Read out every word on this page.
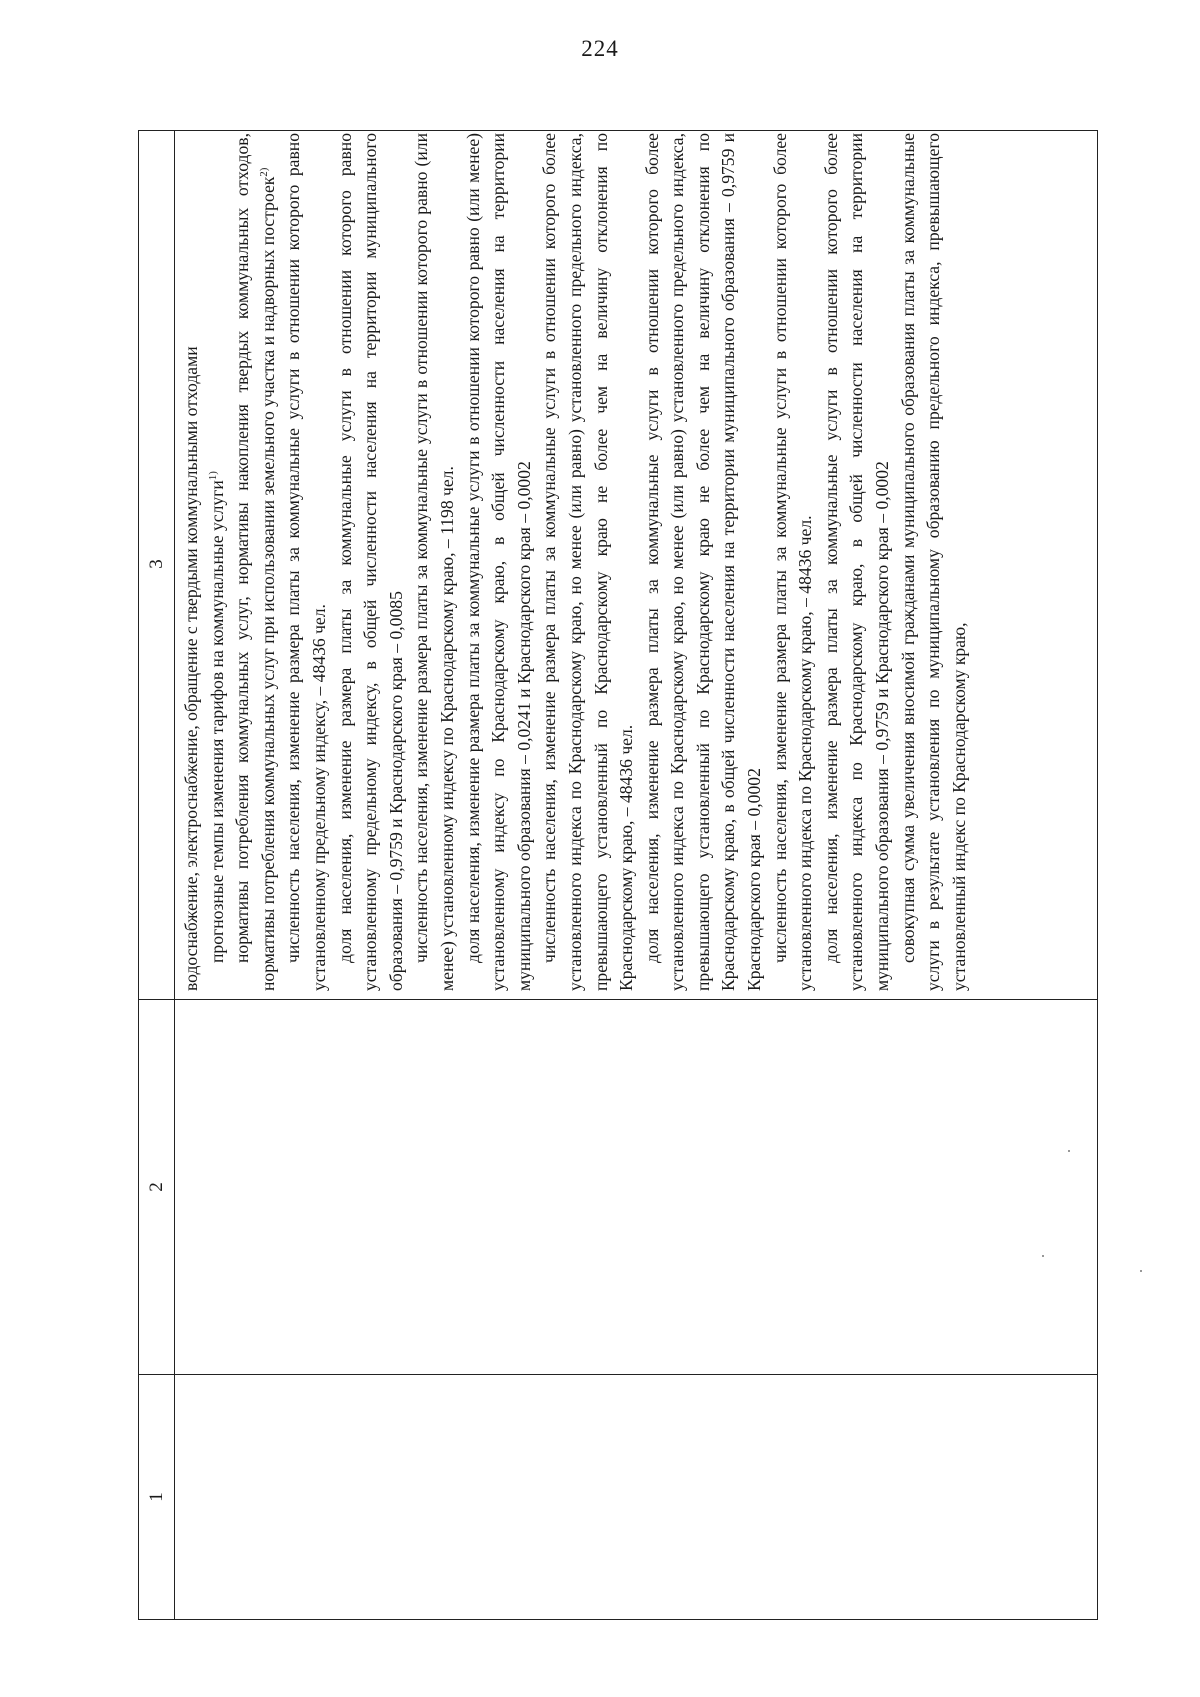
224
1
2
3 водоснабжение, электроснабжение, обращение с твердыми коммунальными отходами прогнозные темпы изменения тарифов на коммунальные услуги$^{1)}$ нормативы потребления коммунальных услуг, нормативы накопления твердых коммунальных отходов, нормативы потребления коммунальных услуг при использовании земельного участка и надворных построек$^{2)}$ численность населения, изменение размера платы за коммунальные услуги в отношении которого равно установленному предельному индексу, – 48436 чел. доля населения, изменение размера платы за коммунальные услуги в отношении которого равно установленному предельному индексу, в общей численности населения на территории муниципального образования – 0,9759 и Краснодарского края – 0,0085 численность населения, изменение размера платы за коммунальные услуги в отношении которого равно (или менее) установленному индексу по Краснодарскому краю, – 1198 чел. доля населения, изменение размера платы за коммунальные услуги в отношении которого равно (или менее) установленному индексу по Краснодарскому краю, в общей численности населения на территории муниципального образования – 0,0241 и Краснодарского края – 0,0002 численность населения, изменение размера платы за коммунальные услуги в отношении которого более установленного индекса по Краснодарскому краю, но менее (или равно) установленного предельного индекса, превышающего установленный по Краснодарскому краю не более чем на величину отклонения по Краснодарскому краю, – 48436 чел. доля населения, изменение размера платы за коммунальные услуги в отношении которого более установленного индекса по Краснодарскому краю, но менее (или равно) установленного предельного индекса, превышающего установленный по Краснодарскому краю не более чем на величину отклонения по Краснодарскому краю, в общей численности населения на территории муниципального образования – 0,9759 и Краснодарского края – 0,0002 численность населения, изменение размера платы за коммунальные услуги в отношении которого более установленного индекса по Краснодарскому краю, – 48436 чел. доля населения, изменение размера платы за коммунальные услуги в отношении которого более установленного индекса по Краснодарскому краю, в общей численности населения на территории муниципального образования – 0,9759 и Краснодарского края – 0,0002 совокупная сумма увеличения вносимой гражданами муниципального образования платы за коммунальные услуги в результате установления по муниципальному образованию предельного индекса, превышающего установленный индекс по Краснодарскому краю,
